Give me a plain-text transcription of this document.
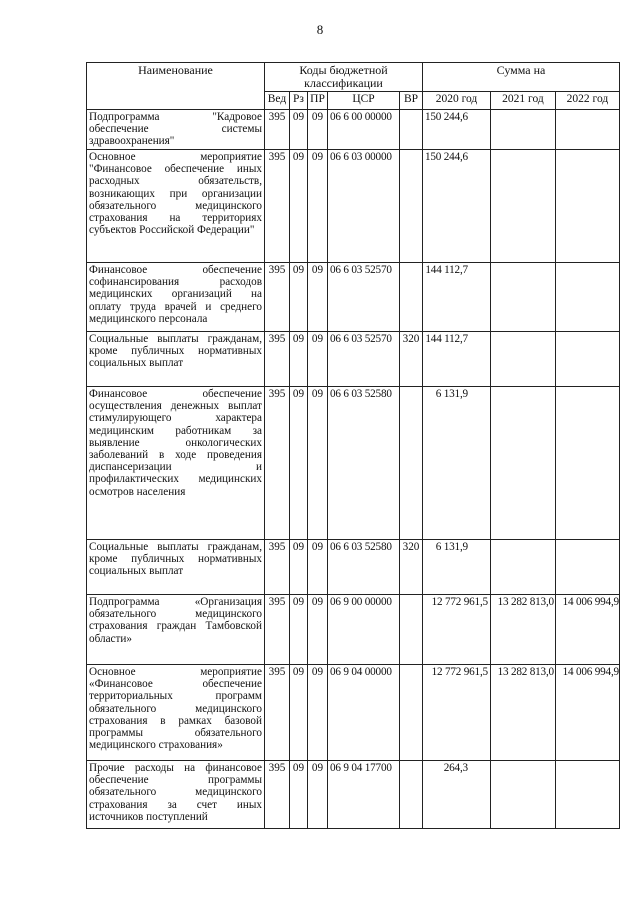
8
Наименование	Коды бюджетной классификации					Сумма на		
	Вед	Рз	ПР	ЦСР	ВР	2020 год	2021 год	2022 год
Подпрограмма "Кадровое обеспечение системы здравоохранения"	395	09	09	06 6 00 00000		150 244,6		
Основное мероприятие "Финансовое обеспечение иных расходных обязательств, возникающих при организации обязательного медицинского страхования на территориях субъектов Российской Федерации"	395	09	09	06 6 03 00000		150 244,6		
Финансовое обеспечение софинансирования расходов медицинских организаций на оплату труда врачей и среднего медицинского персонала	395	09	09	06 6 03 52570		144 112,7		
Социальные выплаты гражданам, кроме публичных нормативных социальных выплат	395	09	09	06 6 03 52570	320	144 112,7		
Финансовое обеспечение осуществления денежных выплат стимулирующего характера медицинским работникам за выявление онкологических заболеваний в ходе проведения диспансеризации и профилактических медицинских осмотров населения	395	09	09	06 6 03 52580		6 131,9		
Социальные выплаты гражданам, кроме публичных нормативных социальных выплат	395	09	09	06 6 03 52580	320	6 131,9		
Подпрограмма «Организация обязательного медицинского страхования граждан Тамбовской области»	395	09	09	06 9 00 00000		12 772 961,5	13 282 813,0	14 006 994,9
Основное мероприятие «Финансовое обеспечение территориальных программ обязательного медицинского страхования в рамках базовой программы обязательного медицинского страхования»	395	09	09	06 9 04 00000		12 772 961,5	13 282 813,0	14 006 994,9
Прочие расходы на финансовое обеспечение программы обязательного медицинского страхования за счет иных источников поступлений	395	09	09	06 9 04 17700		264,3		
